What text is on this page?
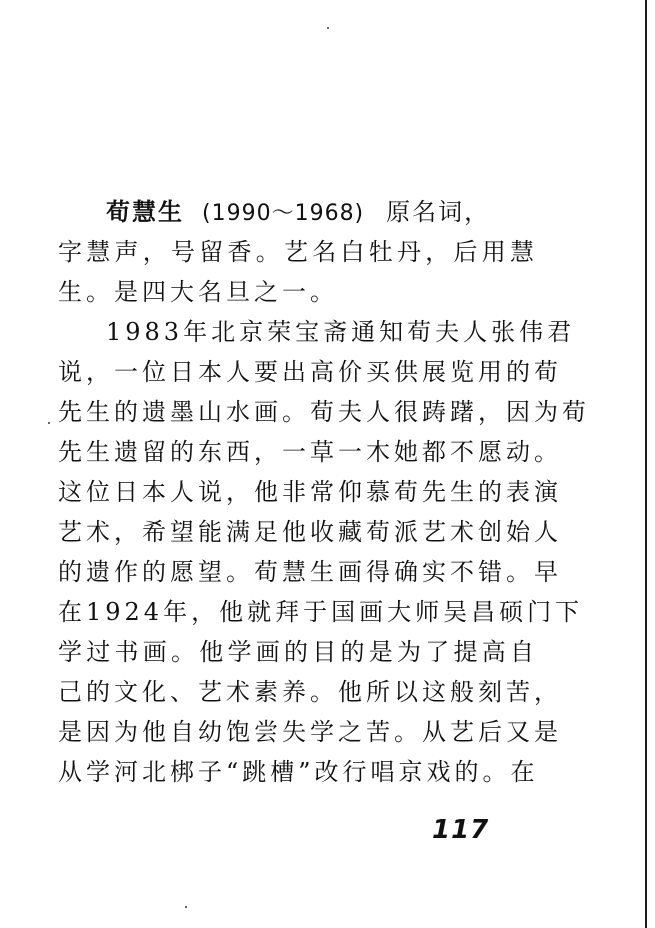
荀慧生 (1990～1968) 原名词，
字慧声，号留香。艺名白牡丹，后用慧
生。是四大名旦之一。
1983年北京荣宝斋通知荀夫人张伟君
说，一位日本人要出高价买供展览用的荀
先生的遗墨山水画。荀夫人很踌躇，因为荀
先生遗留的东西，一草一木她都不愿动。
这位日本人说，他非常仰慕荀先生的表演
艺术，希望能满足他收藏荀派艺术创始人
的遗作的愿望。荀慧生画得确实不错。早
在1924年，他就拜于国画大师吴昌硕门下
学过书画。他学画的目的是为了提高自
己的文化、艺术素养。他所以这般刻苦，
是因为他自幼饱尝失学之苦。从艺后又是
从学河北梆子“跳槽”改行唱京戏的。在
117
